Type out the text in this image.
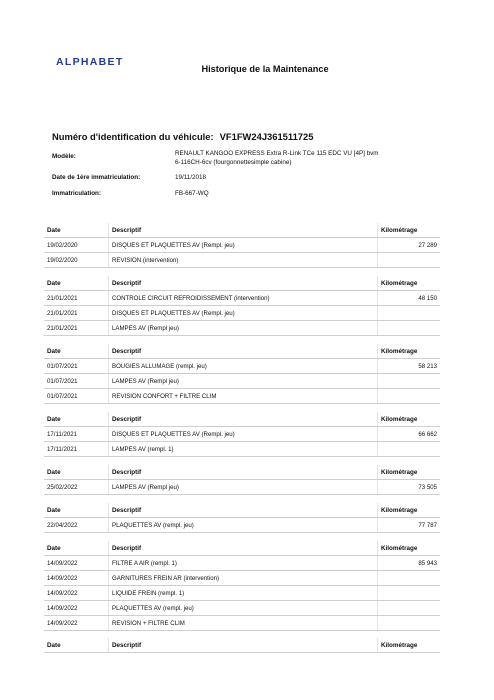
ALPHABET
Historique de la Maintenance
Numéro d'identification du véhicule: VF1FW24J361511725
Modèle:	RENAULT KANGOO EXPRESS Extra R-Link TCe 115 EDC VU [4P] bvm
6-116CH-6cv (fourgonnettesimple cabine)
Date de 1ère immatriculation:	19/11/2018
Immatriculation:	FB-667-WQ
Date	Descriptif	Kilométrage
19/02/2020	DISQUES ET PLAQUETTES AV (Rempl. jeu)	27 289
19/02/2020	REVISION (intervention)	
Date	Descriptif	Kilométrage
21/01/2021	CONTROLE CIRCUIT REFROIDISSEMENT (intervention)	48 150
21/01/2021	DISQUES ET PLAQUETTES AV (Rempl. jeu)	
21/01/2021	LAMPES AV (Rempl jeu)	
Date	Descriptif	Kilométrage
01/07/2021	BOUGIES ALLUMAGE (rempl. jeu)	58 213
01/07/2021	LAMPES AV (Rempl jeu)	
01/07/2021	REVISION CONFORT + FILTRE CLIM	
Date	Descriptif	Kilométrage
17/11/2021	DISQUES ET PLAQUETTES AV (Rempl. jeu)	66 662
17/11/2021	LAMPES AV (rempl. 1)	
Date	Descriptif	Kilométrage
25/02/2022	LAMPES AV (Rempl jeu)	73 505
Date	Descriptif	Kilométrage
22/04/2022	PLAQUETTES AV (rempl. jeu)	77 787
Date	Descriptif	Kilométrage
14/09/2022	FILTRE A AIR (rempl. 1)	85 943
14/09/2022	GARNITURES FREIN AR (intervention)	
14/09/2022	LIQUIDE FREIN (rempl. 1)	
14/09/2022	PLAQUETTES AV (rempl. jeu)	
14/09/2022	REVISION + FILTRE CLIM	
Date	Descriptif	Kilométrage
